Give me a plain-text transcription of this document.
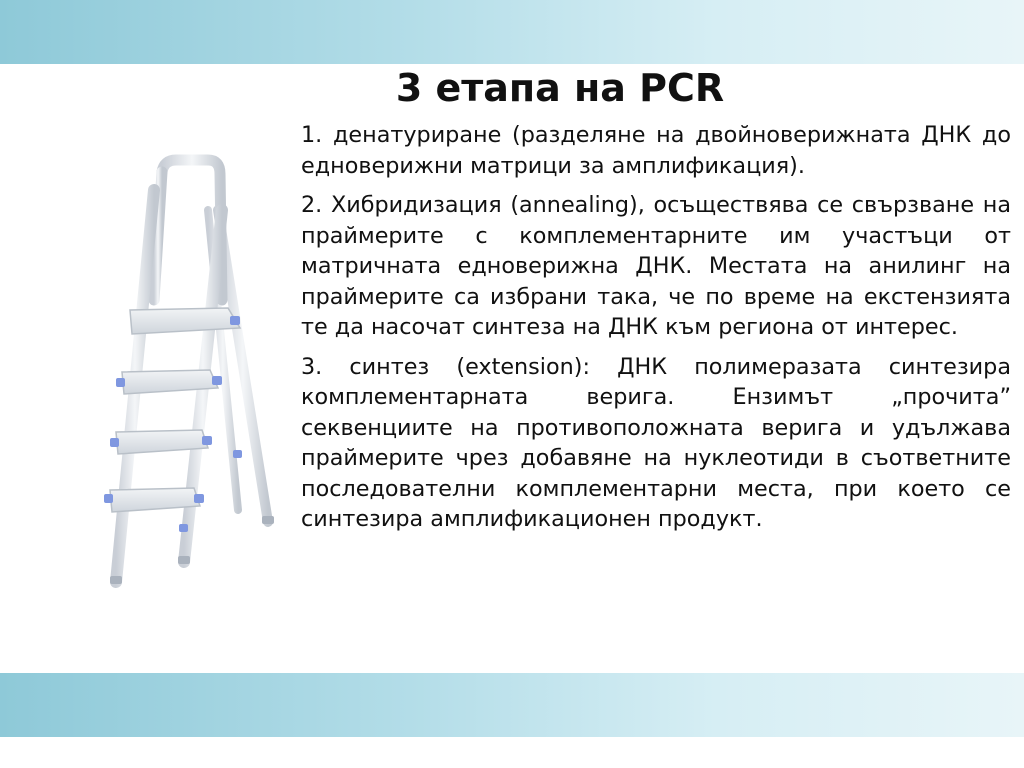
3 етапа на PCR

1. денатуриране (разделяне на двойноверижната ДНК до едноверижни матрици за амплификация).

2. Хибридизация (annealing), осъществява се свързване на праймерите с комплементарните им участъци от матричната едноверижна ДНК. Местата на анилинг на праймерите са избрани така, че по време на екстензията те да насочат синтеза на ДНК към региона от интерес.

3. синтез (extension): ДНК полимеразата синтезира комплементарната верига. Ензимът „прочита” секвенциите на противоположната верига и удължава праймерите чрез добавяне на нуклеотиди в съответните последователни комплементарни места, при което се синтезира амплификационен продукт.
